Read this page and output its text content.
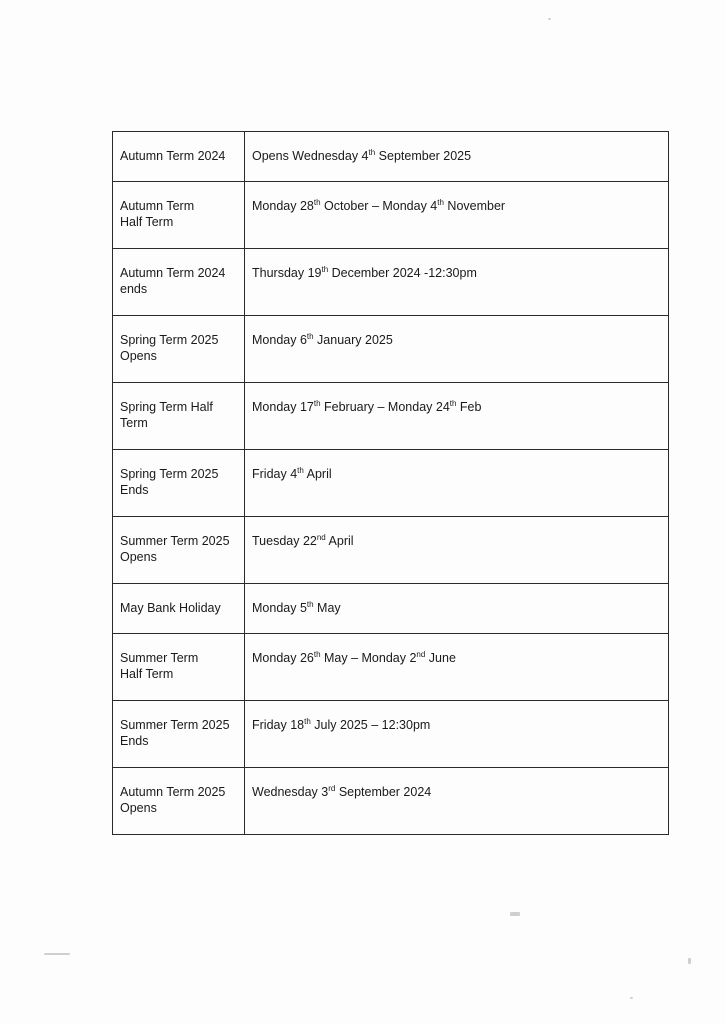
Autumn Term 2024	Opens Wednesday 4th September 2025

Autumn Term
Half Term	Monday 28th October – Monday 4th November

Autumn Term 2024
ends	Thursday 19th December 2024 -12:30pm

Spring Term 2025
Opens	Monday 6th January 2025

Spring Term Half
Term	Monday 17th February – Monday 24th Feb

Spring Term 2025
Ends	Friday 4th April

Summer Term 2025
Opens	Tuesday 22nd April

May Bank Holiday	Monday 5th May

Summer Term
Half Term	Monday 26th May – Monday 2nd June

Summer Term 2025
Ends	Friday 18th July 2025 – 12:30pm

Autumn Term 2025
Opens	Wednesday 3rd September 2024
